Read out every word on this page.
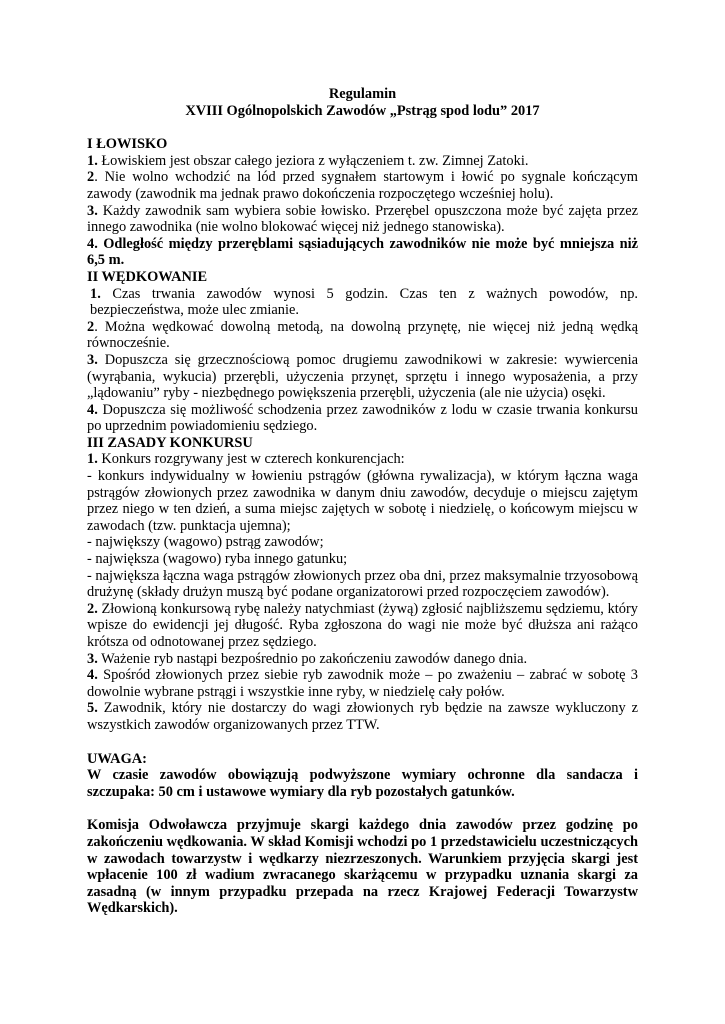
Regulamin

XVIII Ogólnopolskich Zawodów „Pstrąg spod lodu” 2017

I ŁOWISKO

1. Łowiskiem jest obszar całego jeziora z wyłączeniem t. zw. Zimnej Zatoki.

2. Nie wolno wchodzić na lód przed sygnałem startowym i łowić po sygnale kończącym zawody (zawodnik ma jednak prawo dokończenia rozpoczętego wcześniej holu).

3. Każdy zawodnik sam wybiera sobie łowisko. Przerębel opuszczona może być zajęta przez innego zawodnika (nie wolno blokować więcej niż jednego stanowiska).

4. Odległość między przeręblami sąsiadujących zawodników nie może być mniejsza niż 6,5 m.

II WĘDKOWANIE

1. Czas trwania zawodów wynosi 5 godzin. Czas ten z ważnych powodów, np. bezpieczeństwa, może ulec zmianie.

2. Można wędkować dowolną metodą, na dowolną przynętę, nie więcej niż jedną wędką równocześnie.

3. Dopuszcza się grzecznościową pomoc drugiemu zawodnikowi w zakresie: wywiercenia (wyrąbania, wykucia) przerębli, użyczenia przynęt, sprzętu i innego wyposażenia, a przy „lądowaniu” ryby - niezbędnego powiększenia przerębli, użyczenia (ale nie użycia) osęki.

4. Dopuszcza się możliwość schodzenia przez zawodników z lodu w czasie trwania konkursu po uprzednim powiadomieniu sędziego.

III ZASADY KONKURSU

1. Konkurs rozgrywany jest w czterech konkurencjach:

- konkurs indywidualny w łowieniu pstrągów (główna rywalizacja), w którym łączna waga pstrągów złowionych przez zawodnika w danym dniu zawodów, decyduje o miejscu zajętym przez niego w ten dzień, a suma miejsc zajętych w sobotę i niedzielę, o końcowym miejscu w zawodach (tzw. punktacja ujemna);

- największy (wagowo) pstrąg zawodów;

- największa (wagowo) ryba innego gatunku;

- największa łączna waga pstrągów złowionych przez oba dni, przez maksymalnie trzyosobową drużynę (składy drużyn muszą być podane organizatorowi przed rozpoczęciem zawodów).

2. Złowioną konkursową rybę należy natychmiast (żywą) zgłosić najbliższemu sędziemu, który wpisze do ewidencji jej długość. Ryba zgłoszona do wagi nie może być dłuższa ani rażąco krótsza od odnotowanej przez sędziego.

3. Ważenie ryb nastąpi bezpośrednio po zakończeniu zawodów danego dnia.

4. Spośród złowionych przez siebie ryb zawodnik może – po zważeniu – zabrać w sobotę 3 dowolnie wybrane pstrągi i wszystkie inne ryby, w niedzielę cały połów.

5. Zawodnik, który nie dostarczy do wagi złowionych ryb będzie na zawsze wykluczony z wszystkich zawodów organizowanych przez TTW.

UWAGA:

W czasie zawodów obowiązują podwyższone wymiary ochronne dla sandacza i szczupaka: 50 cm i ustawowe wymiary dla ryb pozostałych gatunków.

Komisja Odwoławcza przyjmuje skargi każdego dnia zawodów przez godzinę po zakończeniu wędkowania. W skład Komisji wchodzi po 1 przedstawicielu uczestniczących w zawodach towarzystw i wędkarzy niezrzeszonych. Warunkiem przyjęcia skargi jest wpłacenie 100 zł wadium zwracanego skarżącemu w przypadku uznania skargi za zasadną (w innym przypadku przepada na rzecz Krajowej Federacji Towarzystw Wędkarskich).
